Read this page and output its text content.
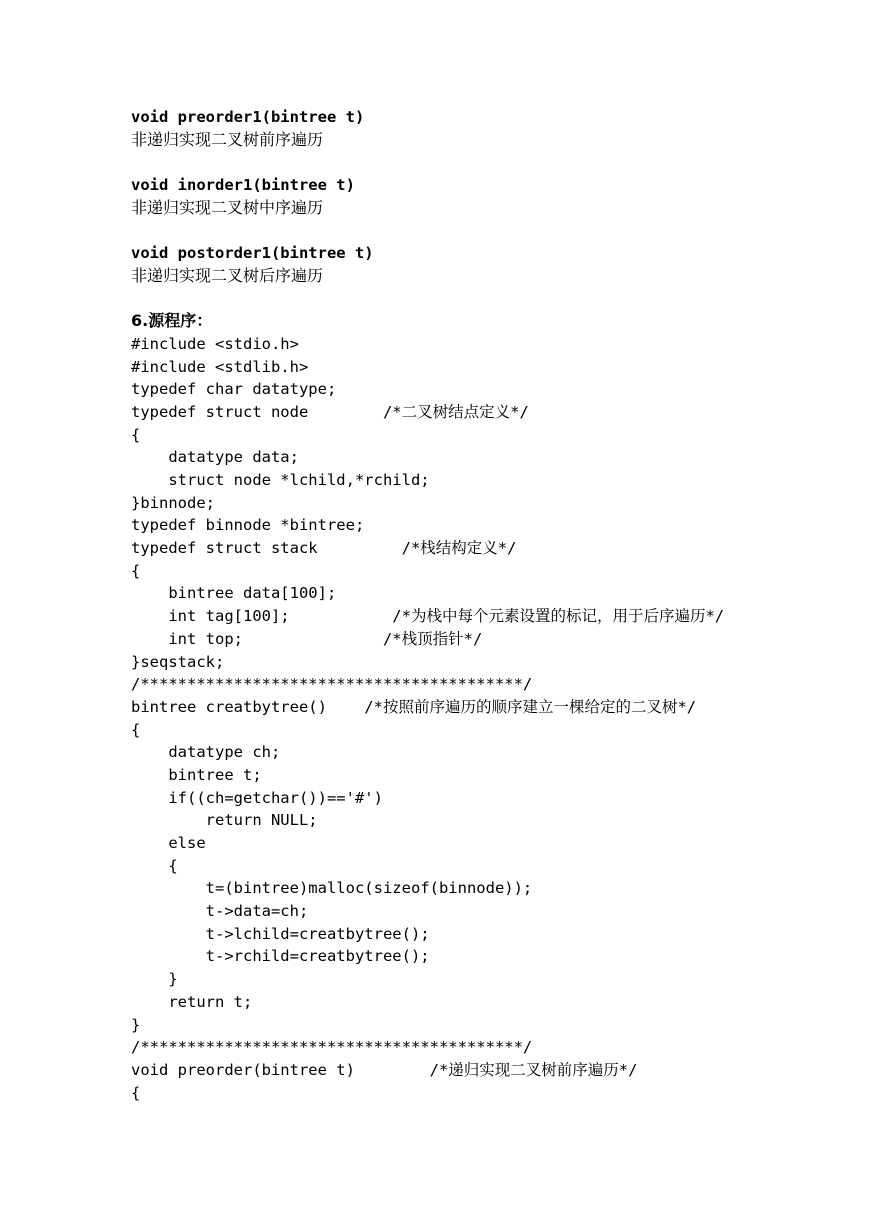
void preorder1(bintree t)
非递归实现二叉树前序遍历
void inorder1(bintree t)
非递归实现二叉树中序遍历
void postorder1(bintree t)
非递归实现二叉树后序遍历
6.源程序：
#include <stdio.h>
#include <stdlib.h>
typedef char datatype;
typedef struct node        /*二叉树结点定义*/
{
datatype data;
struct node *lchild,*rchild;
}binnode;
typedef binnode *bintree;
typedef struct stack         /*栈结构定义*/
{
bintree data[100];
int tag[100];           /*为栈中每个元素设置的标记，用于后序遍历*/
int top;               /*栈顶指针*/
}seqstack;
/*****************************************/
bintree creatbytree()    /*按照前序遍历的顺序建立一棵给定的二叉树*/
{
datatype ch;
bintree t;
if((ch=getchar())=='#')
return NULL;
else
{
t=(bintree)malloc(sizeof(binnode));
t->data=ch;
t->lchild=creatbytree();
t->rchild=creatbytree();
}
return t;
}
/*****************************************/
void preorder(bintree t)        /*递归实现二叉树前序遍历*/
{
